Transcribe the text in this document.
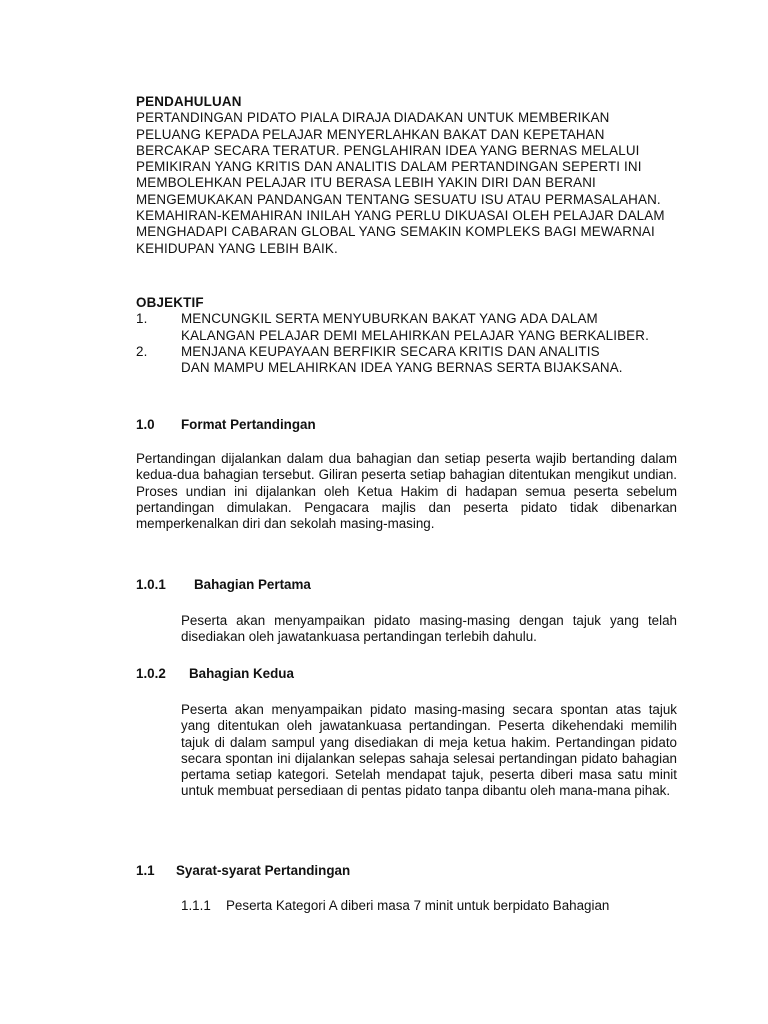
PENDAHULUAN
PERTANDINGAN PIDATO PIALA DIRAJA DIADAKAN UNTUK MEMBERIKAN
PELUANG KEPADA PELAJAR MENYERLAHKAN BAKAT DAN KEPETAHAN
BERCAKAP SECARA TERATUR. PENGLAHIRAN IDEA YANG BERNAS MELALUI
PEMIKIRAN YANG KRITIS DAN ANALITIS DALAM PERTANDINGAN SEPERTI INI
MEMBOLEHKAN PELAJAR ITU BERASA LEBIH YAKIN DIRI DAN BERANI
MENGEMUKAKAN PANDANGAN TENTANG SESUATU ISU ATAU PERMASALAHAN.
KEMAHIRAN-KEMAHIRAN INILAH YANG PERLU DIKUASAI OLEH PELAJAR DALAM
MENGHADAPI CABARAN GLOBAL YANG SEMAKIN KOMPLEKS BAGI MEWARNAI
KEHIDUPAN YANG LEBIH BAIK.
OBJEKTIF
1.	MENCUNGKIL SERTA MENYUBURKAN BAKAT YANG ADA DALAM
KALANGAN PELAJAR DEMI MELAHIRKAN PELAJAR YANG BERKALIBER.
2.	MENJANA KEUPAYAAN BERFIKIR SECARA KRITIS DAN ANALITIS
DAN MAMPU MELAHIRKAN IDEA YANG BERNAS SERTA BIJAKSANA.
1.0 Format Pertandingan
Pertandingan dijalankan dalam dua bahagian dan setiap peserta wajib bertanding dalam kedua-dua bahagian tersebut. Giliran peserta setiap bahagian ditentukan mengikut undian. Proses undian ini dijalankan oleh Ketua Hakim di hadapan semua peserta sebelum pertandingan dimulakan. Pengacara majlis dan peserta pidato tidak dibenarkan memperkenalkan diri dan sekolah masing-masing.
1.0.1 Bahagian Pertama
Peserta akan menyampaikan pidato masing-masing dengan tajuk yang telah disediakan oleh jawatankuasa pertandingan terlebih dahulu.
1.0.2 Bahagian Kedua
Peserta akan menyampaikan pidato masing-masing secara spontan atas tajuk yang ditentukan oleh jawatankuasa pertandingan. Peserta dikehendaki memilih tajuk di dalam sampul yang disediakan di meja ketua hakim. Pertandingan pidato secara spontan ini dijalankan selepas sahaja selesai pertandingan pidato bahagian pertama setiap kategori. Setelah mendapat tajuk, peserta diberi masa satu minit untuk membuat persediaan di pentas pidato tanpa dibantu oleh mana-mana pihak.
1.1 Syarat-syarat Pertandingan
1.1.1 Peserta Kategori A diberi masa 7 minit untuk berpidato Bahagian
